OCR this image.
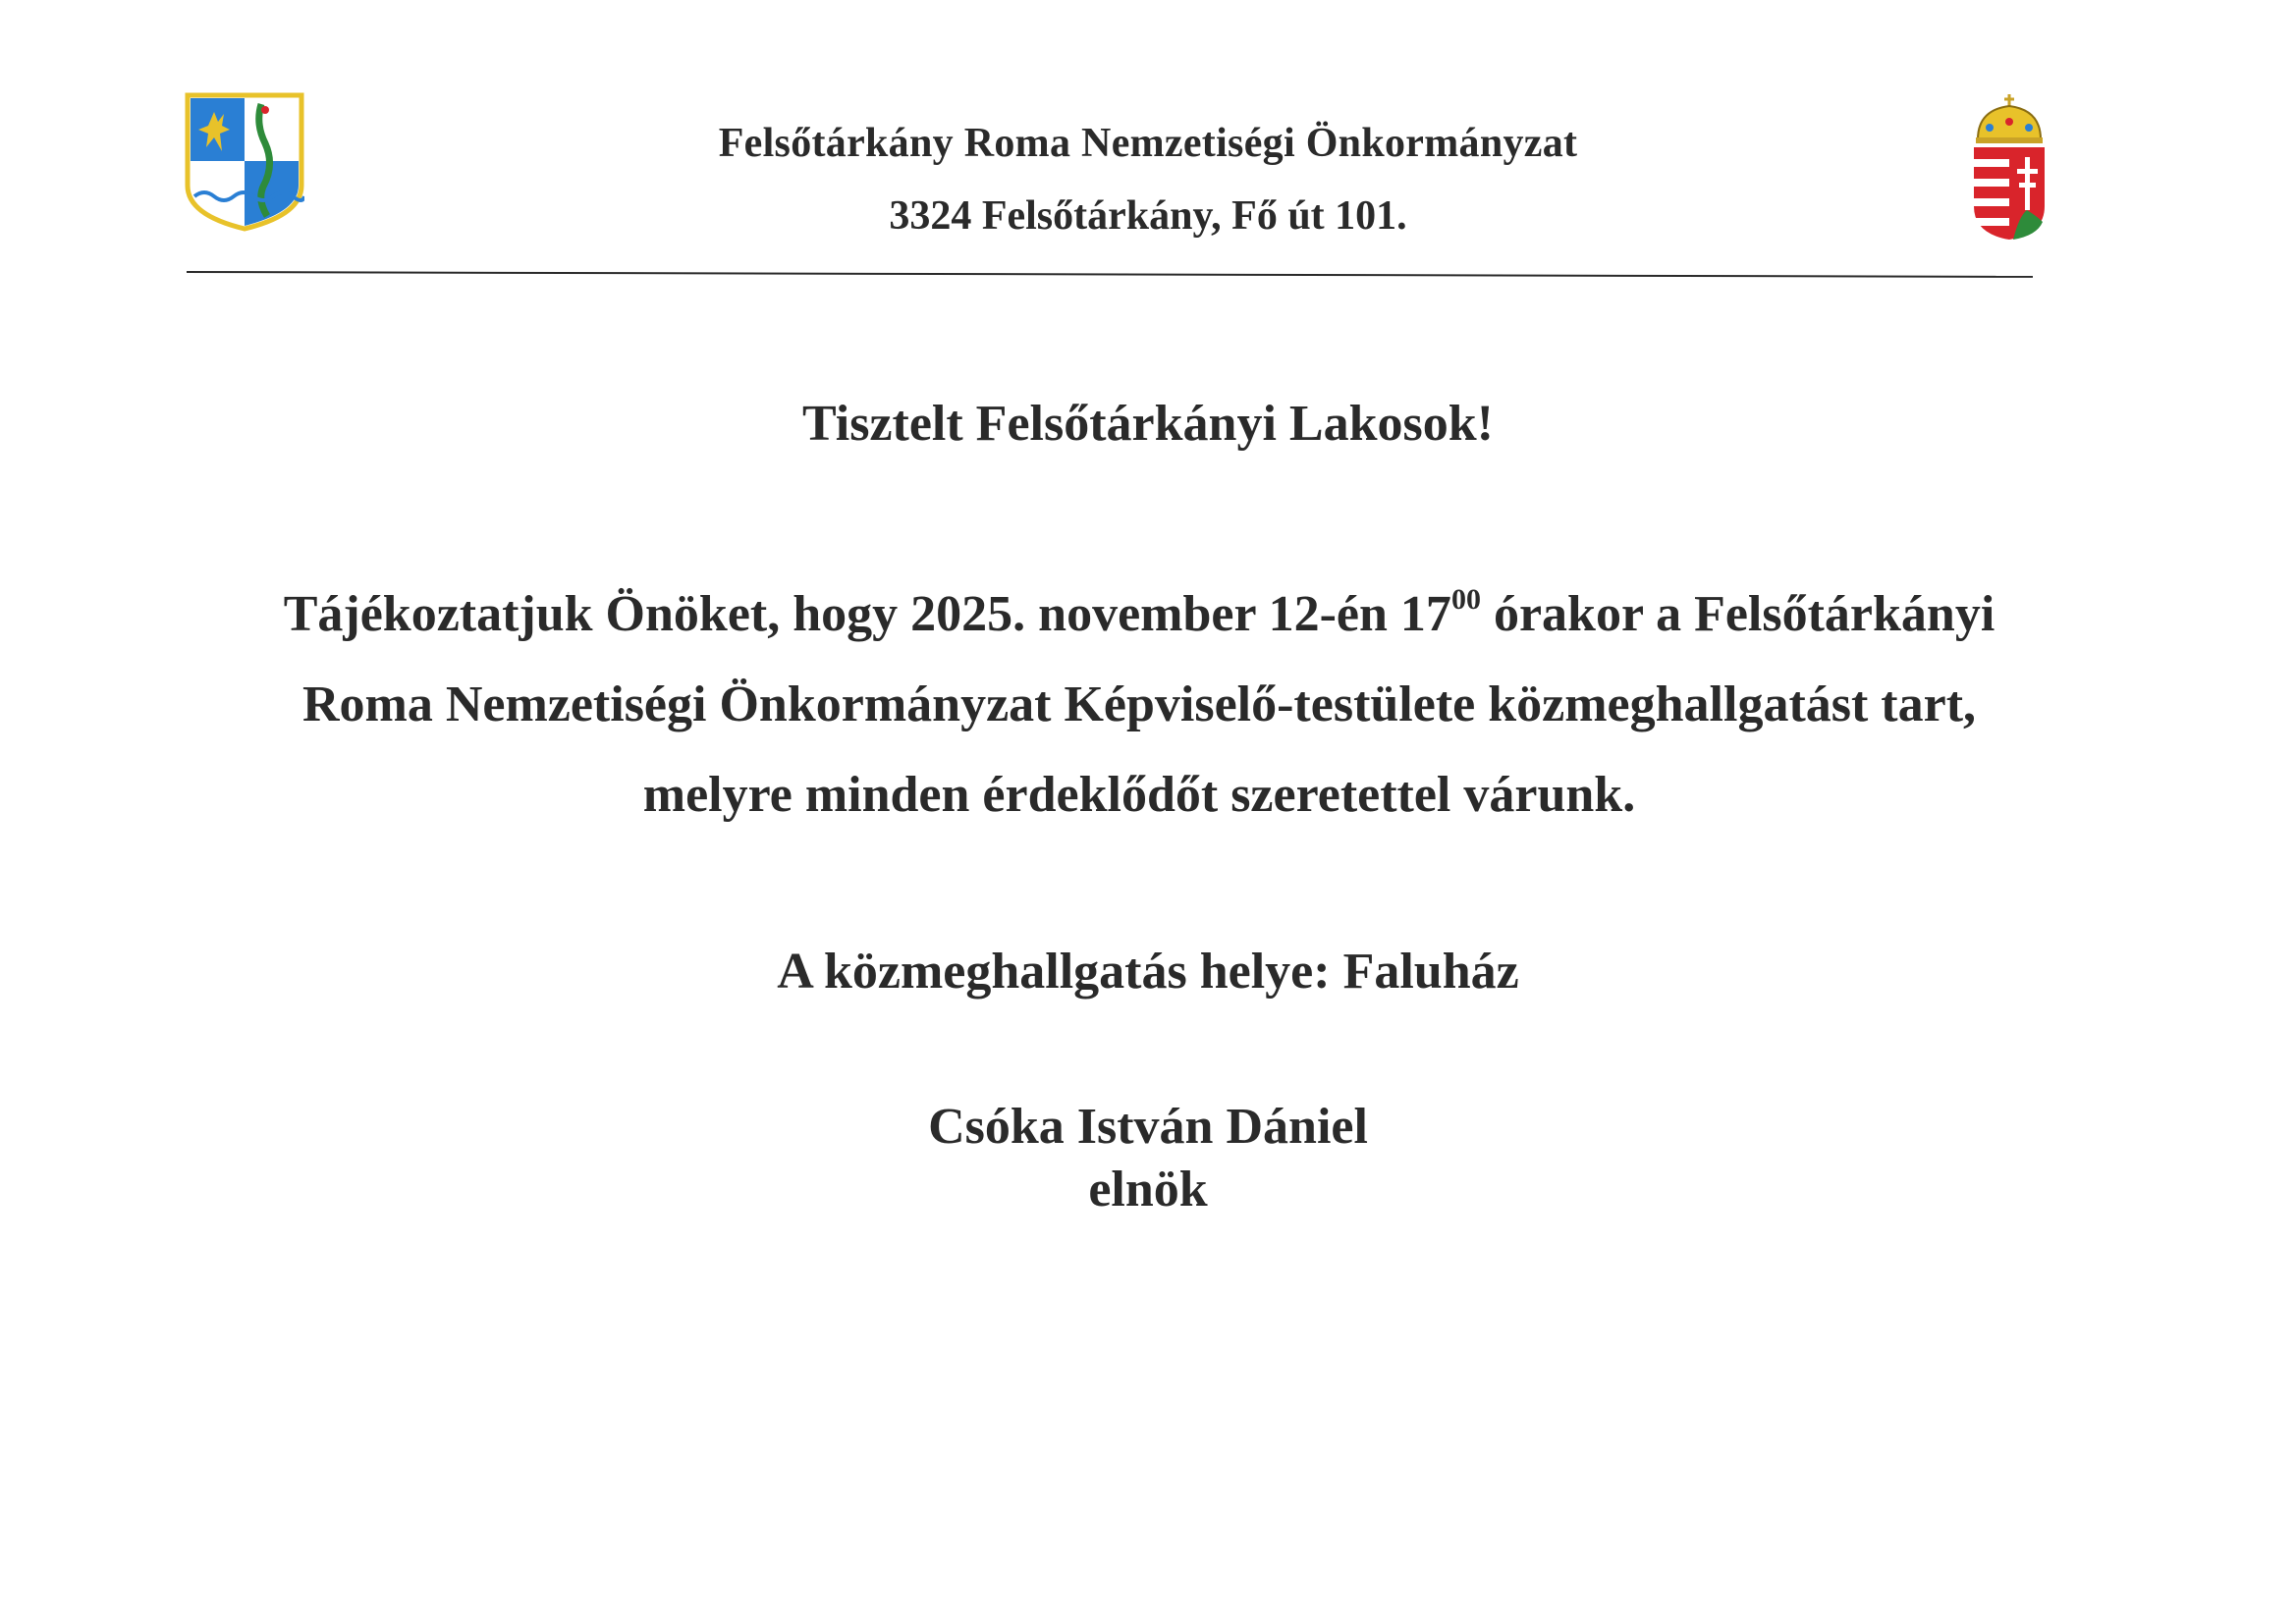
Felsőtárkány Roma Nemzetiségi Önkormányzat
3324 Felsőtárkány, Fő út 101.
Tisztelt Felsőtárkányi Lakosok!
Tájékoztatjuk Önöket, hogy 2025. november 12-én $17^{00}$ órakor a Felsőtárkányi Roma Nemzetiségi Önkormányzat Képviselő-testülete közmeghallgatást tart, melyre minden érdeklődőt szeretettel várunk.
A közmeghallgatás helye: Faluház
Csóka István Dániel
elnök
